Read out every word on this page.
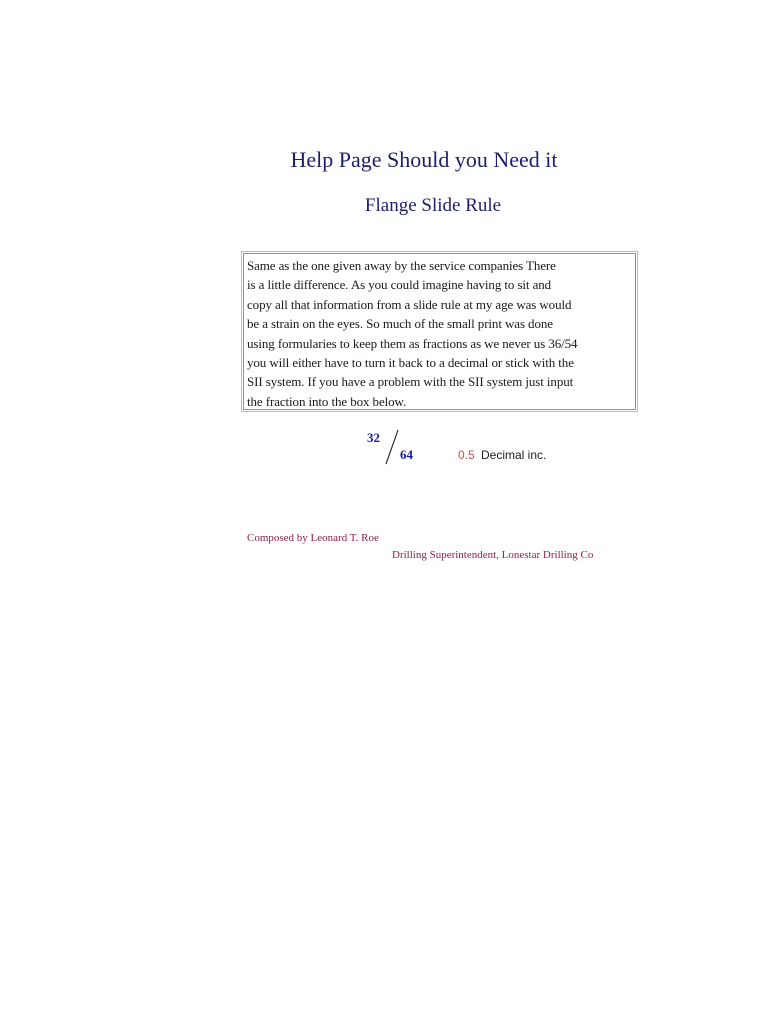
Help Page Should you Need it
Flange Slide Rule
Same as the one given away by the service companies There
is a little difference. As you could imagine having to sit and
copy all that information from a slide rule at my age was would
be a strain on the eyes. So much of the small print was done
using formularies to keep them as fractions as we never us 36/54
you will either have to turn it back to a decimal or stick with the
SII system. If you have a problem with the SII system just input
the fraction into the box below.
32
64	0.5 Decimal inc.
Composed by Leonard T. Roe
Drilling Superintendent, Lonestar Drilling Co
